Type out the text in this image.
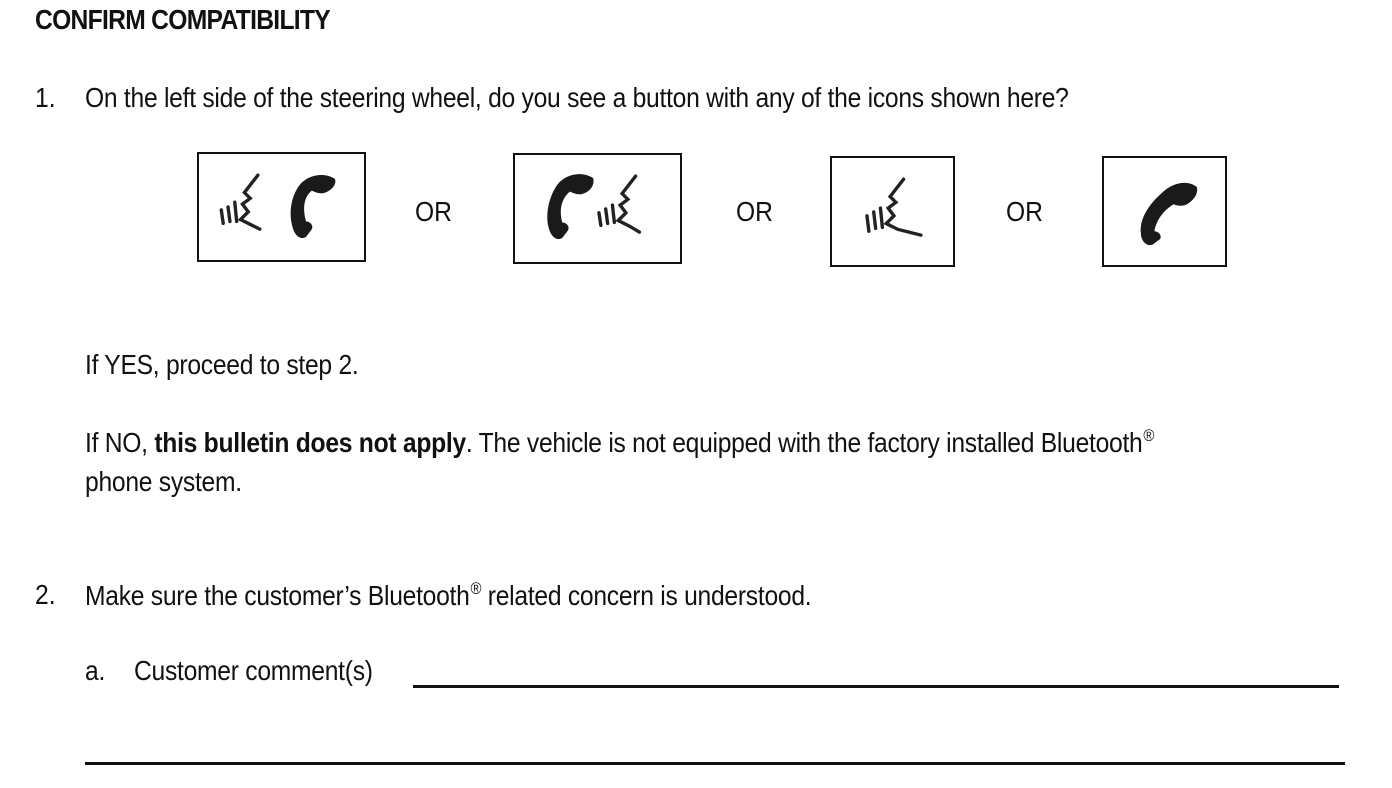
CONFIRM COMPATIBILITY
1. On the left side of the steering wheel, do you see a button with any of the icons shown here?
OR	OR	OR
If YES, proceed to step 2.
If NO, this bulletin does not apply. The vehicle is not equipped with the factory installed Bluetooth®
phone system.
2. Make sure the customer’s Bluetooth® related concern is understood.
a. Customer comment(s)
